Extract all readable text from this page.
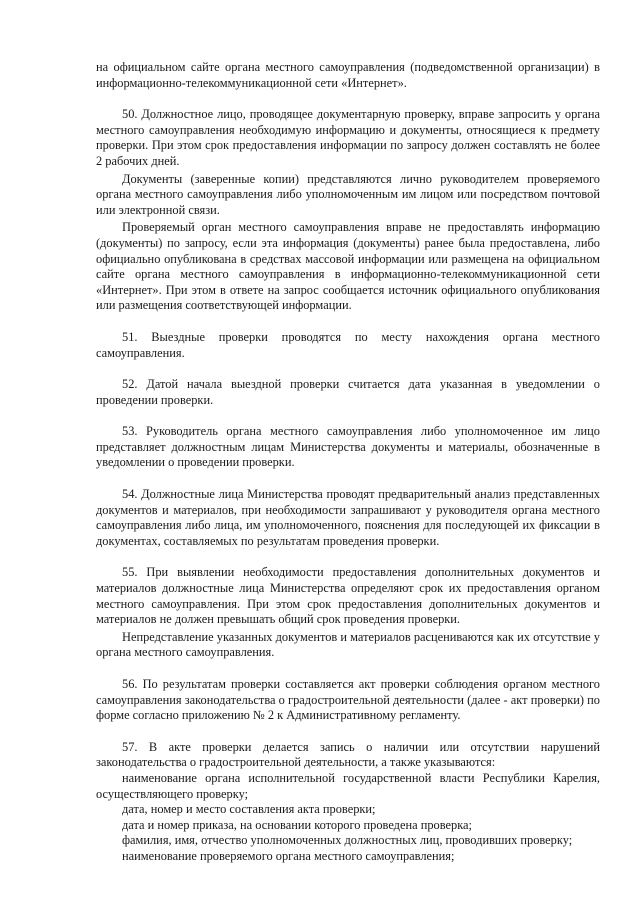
на официальном сайте органа местного самоуправления (подведомственной организации) в информационно-телекоммуникационной сети «Интернет».

50. Должностное лицо, проводящее документарную проверку, вправе запросить у органа местного самоуправления необходимую информацию и документы, относящиеся к предмету проверки. При этом срок предоставления информации по запросу должен составлять не более 2 рабочих дней.

Документы (заверенные копии) представляются лично руководителем проверяемого органа местного самоуправления либо уполномоченным им лицом или посредством почтовой или электронной связи.

Проверяемый орган местного самоуправления вправе не предоставлять информацию (документы) по запросу, если эта информация (документы) ранее была предоставлена, либо официально опубликована в средствах массовой информации или размещена на официальном сайте органа местного самоуправления в информационно-телекоммуникационной сети «Интернет». При этом в ответе на запрос сообщается источник официального опубликования или размещения соответствующей информации.

51. Выездные проверки проводятся по месту нахождения органа местного самоуправления.

52. Датой начала выездной проверки считается дата указанная в уведомлении о проведении проверки.

53. Руководитель органа местного самоуправления либо уполномоченное им лицо представляет должностным лицам Министерства документы и материалы, обозначенные в уведомлении о проведении проверки.

54. Должностные лица Министерства проводят предварительный анализ представленных документов и материалов, при необходимости запрашивают у руководителя органа местного самоуправления либо лица, им уполномоченного, пояснения для последующей их фиксации в документах, составляемых по результатам проведения проверки.

55. При выявлении необходимости предоставления дополнительных документов и материалов должностные лица Министерства определяют срок их предоставления органом местного самоуправления. При этом срок предоставления дополнительных документов и материалов не должен превышать общий срок проведения проверки.

Непредставление указанных документов и материалов расцениваются как их отсутствие у органа местного самоуправления.

56. По результатам проверки составляется акт проверки соблюдения органом местного самоуправления законодательства о градостроительной деятельности (далее - акт проверки) по форме согласно приложению № 2 к Административному регламенту.

57. В акте проверки делается запись о наличии или отсутствии нарушений законодательства о градостроительной деятельности, а также указываются:

наименование органа исполнительной государственной власти Республики Карелия, осуществляющего проверку;

дата, номер и место составления акта проверки;

дата и номер приказа, на основании которого проведена проверка;

фамилия, имя, отчество уполномоченных должностных лиц, проводивших проверку;

наименование проверяемого органа местного самоуправления;
